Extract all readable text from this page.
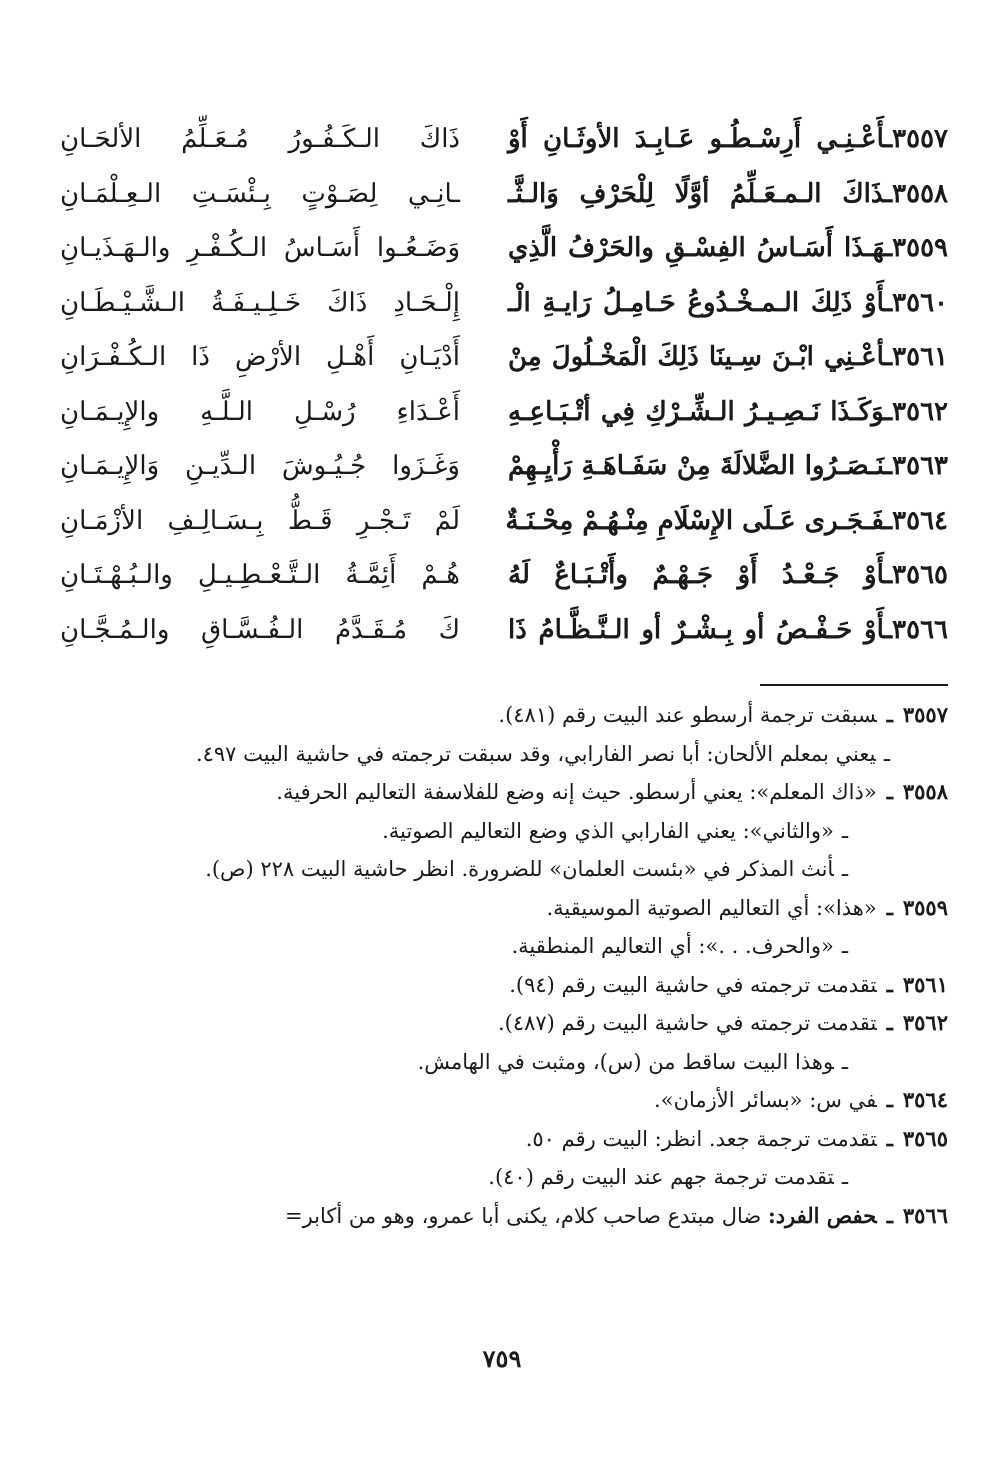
٣٥٥٧ـأَعْـنِـي أَرِسْـطُـو عَـابِـدَ الأوثَـانِ أَوْ
ذَاكَ الـكَـفُـورُ مُـعَـلِّمُ الألحَـانِ
٣٥٥٨ـذَاكَ الـمـعَـلِّمُ أوَّلًا لِلْحَرْفِ وَالـثَّـ
ـانِـي لِصَـوْتٍ بِـئْسَـتِ الـعِـلْمَـانِ
٣٥٥٩ـهَـذَا أَسَـاسُ الفِسْـقِ والحَرْفُ الَّذِي
وَضَـعُـوا أَسَـاسُ الـكُـفْـرِ والـهَـذَيـانِ
٣٥٦٠ـأَوْ ذَلِكَ الـمـخْـدُوعُ حَـامِـلُ رَايـةِ الْـ
إِلْـحَـادِ ذَاكَ خَـلِـيـفَـةُ الـشَّـيْـطَـانِ
٣٥٦١ـأعْـنِي ابْـنَ سِـينَا ذَلِكَ الْمَخْـلُولَ مِنْ
أَدْيَـانِ أَهْـلِ الأرْضِ ذَا الـكُـفْـرَانِ
٣٥٦٢ـوَكَـذَا نَـصِـيـرُ الـشِّـرْكِ فِي أتْـبَـاعِـهِ
أَعْـدَاءِ رُسْـلِ الـلَّـهِ والإِيـمَـانِ
٣٥٦٣ـنَـصَـرُوا الضَّلالَةَ مِنْ سَفَـاهَـةِ رَأْيِـهِمْ
وَغَـزَوا جُـيُـوشَ الـدِّيـنِ وَالإِيـمَـانِ
٣٥٦٤ـفَـجَـرى عَـلَى الإِسْلَامِ مِنْـهُـمْ مِحْـنَـةٌ
لَمْ تَـجْـرِ قَـطُّ بِـسَـالِـفِ الأزْمَـانِ
٣٥٦٥ـأَوْ جَـعْـدُ أَوْ جَـهْـمٌ وأَتْـبَـاعٌ لَهُ
هُـمْ أَئِمَّـةُ الـتَّـعْـطِـيـلِ والـبُـهْـتَـانِ
٣٥٦٦ـأَوْ حَـفْـصُ أو بِـشْـرٌ أو الـنَّـظَّـامُ ذَا
كَ مُـقَـدَّمُ الـفُـسَّـاقِ والـمُـجَّـانِ

٣٥٥٧ـسبقت ترجمة أرسطو عند البيت رقم (٤٨١).

ـيعني بمعلم الألحان: أبا نصر الفارابي، وقد سبقت ترجمته في حاشية البيت ٤٩٧.

٣٥٥٨ـ«ذاك المعلم»: يعني أرسطو. حيث إنه وضع للفلاسفة التعاليم الحرفية.

ـ«والثاني»: يعني الفارابي الذي وضع التعاليم الصوتية.

ـأنث المذكر في «بئست العلمان» للضرورة. انظر حاشية البيت ٢٢٨ (ص).

٣٥٥٩ـ«هذا»: أي التعاليم الصوتية الموسيقية.

ـ«والحرف. . .»: أي التعاليم المنطقية.

٣٥٦١ـتقدمت ترجمته في حاشية البيت رقم (٩٤).

٣٥٦٢ـتقدمت ترجمته في حاشية البيت رقم (٤٨٧).

ـوهذا البيت ساقط من (س)، ومثبت في الهامش.

٣٥٦٤ـفي س: «بسائر الأزمان».

٣٥٦٥ـتقدمت ترجمة جعد. انظر: البيت رقم ٥٠.

ـتقدمت ترجمة جهم عند البيت رقم (٤٠).

٣٥٦٦ـحفص الفرد: ضال مبتدع صاحب كلام، يكنى أبا عمرو، وهو من أكابر=

٧٥٩
